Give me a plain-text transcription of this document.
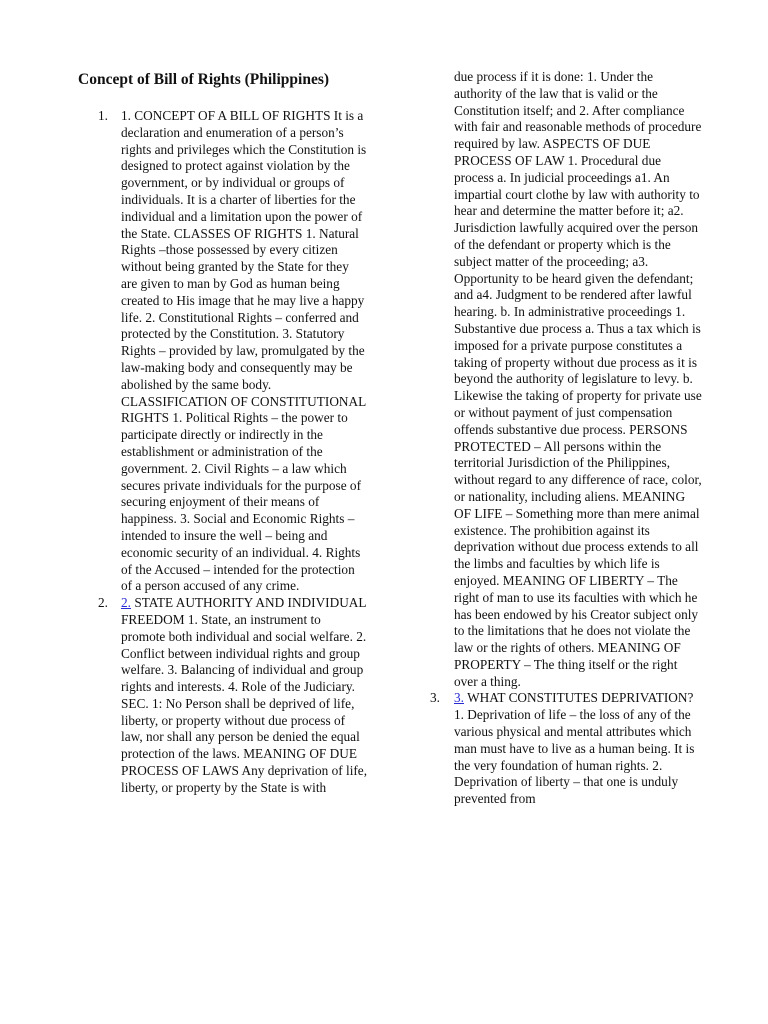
Concept of Bill of Rights (Philippines)
1. 1. CONCEPT OF A BILL OF RIGHTS It is a declaration and enumeration of a person’s rights and privileges which the Constitution is designed to protect against violation by the government, or by individual or groups of individuals. It is a charter of liberties for the individual and a limitation upon the power of the State. CLASSES OF RIGHTS 1. Natural Rights –those possessed by every citizen without being granted by the State for they are given to man by God as human being created to His image that he may live a happy life. 2. Constitutional Rights – conferred and protected by the Constitution. 3. Statutory Rights – provided by law, promulgated by the law-making body and consequently may be abolished by the same body. CLASSIFICATION OF CONSTITUTIONAL RIGHTS 1. Political Rights – the power to participate directly or indirectly in the establishment or administration of the government. 2. Civil Rights – a law which secures private individuals for the purpose of securing enjoyment of their means of happiness. 3. Social and Economic Rights – intended to insure the well – being and economic security of an individual. 4. Rights of the Accused – intended for the protection of a person accused of any crime.
2. 2. STATE AUTHORITY AND INDIVIDUAL FREEDOM 1. State, an instrument to promote both individual and social welfare. 2. Conflict between individual rights and group welfare. 3. Balancing of individual and group rights and interests. 4. Role of the Judiciary. SEC. 1: No Person shall be deprived of life, liberty, or property without due process of law, nor shall any person be denied the equal protection of the laws. MEANING OF DUE PROCESS OF LAWS Any deprivation of life, liberty, or property by the State is with
due process if it is done: 1. Under the authority of the law that is valid or the Constitution itself; and 2. After compliance with fair and reasonable methods of procedure required by law. ASPECTS OF DUE PROCESS OF LAW 1. Procedural due process a. In judicial proceedings a1. An impartial court clothe by law with authority to hear and determine the matter before it; a2. Jurisdiction lawfully acquired over the person of the defendant or property which is the subject matter of the proceeding; a3. Opportunity to be heard given the defendant; and a4. Judgment to be rendered after lawful hearing. b. In administrative proceedings 1. Substantive due process a. Thus a tax which is imposed for a private purpose constitutes a taking of property without due process as it is beyond the authority of legislature to levy. b. Likewise the taking of property for private use or without payment of just compensation offends substantive due process. PERSONS PROTECTED – All persons within the territorial Jurisdiction of the Philippines, without regard to any difference of race, color, or nationality, including aliens. MEANING OF LIFE – Something more than mere animal existence. The prohibition against its deprivation without due process extends to all the limbs and faculties by which life is enjoyed. MEANING OF LIBERTY – The right of man to use its faculties with which he has been endowed by his Creator subject only to the limitations that he does not violate the law or the rights of others. MEANING OF PROPERTY – The thing itself or the right over a thing.
3. 3. WHAT CONSTITUTES DEPRIVATION? 1. Deprivation of life – the loss of any of the various physical and mental attributes which man must have to live as a human being. It is the very foundation of human rights. 2. Deprivation of liberty – that one is unduly prevented from
